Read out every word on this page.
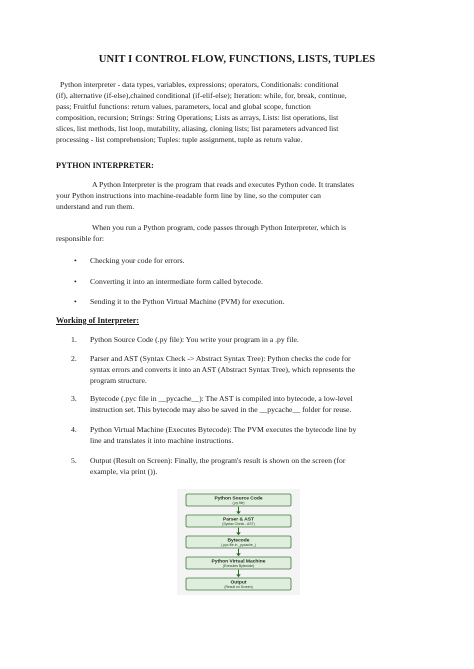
UNIT I CONTROL FLOW, FUNCTIONS, LISTS, TUPLES
Python interpreter - data types, variables, expressions; operators, Conditionals: conditional
(if), alternative (if-else),chained conditional (if-elif-else); Iteration: while, for, break, continue,
pass; Fruitful functions: return values, parameters, local and global scope, function
composition, recursion; Strings: String Operations; Lists as arrays, Lists: list operations, list
slices, list methods, list loop, mutability, aliasing, cloning lists; list parameters advanced list
processing - list comprehension; Tuples: tuple assignment, tuple as return value.
PYTHON INTERPRETER:
A Python Interpreter is the program that reads and executes Python code. It translates
your Python instructions into machine-readable form line by line, so the computer can
understand and run them.
When you run a Python program, code passes through Python Interpreter, which is
responsible for:
• Checking your code for errors.
• Converting it into an intermediate form called bytecode.
• Sending it to the Python Virtual Machine (PVM) for execution.
Working of Interpreter:
1. Python Source Code (.py file): You write your program in a .py file.
2. Parser and AST (Syntax Check -> Abstract Syntax Tree): Python checks the code for
syntax errors and converts it into an AST (Abstract Syntax Tree), which represents the
program structure.
3. Bytecode (.pyc file in __pycache__): The AST is compiled into bytecode, a low-level
instruction set. This bytecode may also be saved in the __pycache__ folder for reuse.
4. Python Virtual Machine (Executes Bytecode): The PVM executes the bytecode line by
line and translates it into machine instructions.
5. Output (Result on Screen): Finally, the program's result is shown on the screen (for
example, via print ()).
Python Source Code
(.py file)
Parser & AST
(Syntax Check - AST)
Bytecode
(.pyc file in _pycache_)
Python Virtual Machine
(Executes Bytecode)
Output
(Result on Screen)
